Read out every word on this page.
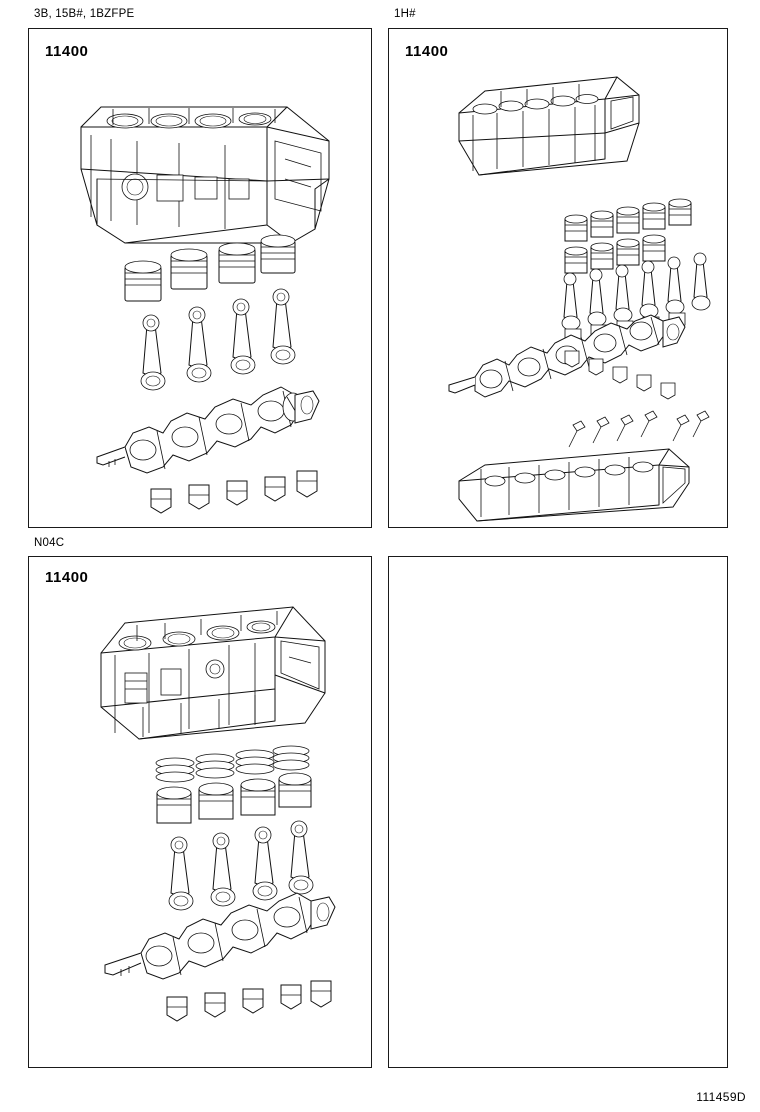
3B, 15B#, 1BZFPE
11400
1H#
11400
N04C
11400
111459D
